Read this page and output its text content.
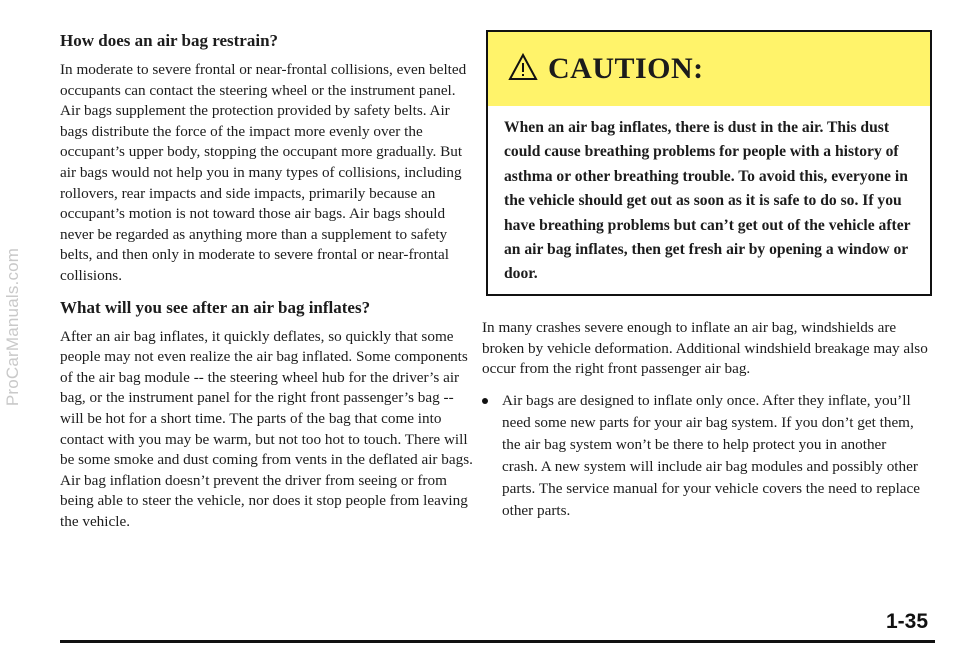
ProCarManuals.com
How does an air bag restrain?

In moderate to severe frontal or near-frontal collisions, even belted occupants can contact the steering wheel or the instrument panel. Air bags supplement the protection provided by safety belts. Air bags distribute the force of the impact more evenly over the occupant’s upper body, stopping the occupant more gradually. But air bags would not help you in many types of collisions, including rollovers, rear impacts and side impacts, primarily because an occupant’s motion is not toward those air bags. Air bags should never be regarded as anything more than a supplement to safety belts, and then only in moderate to severe frontal or near-frontal collisions.

What will you see after an air bag inflates?

After an air bag inflates, it quickly deflates, so quickly that some people may not even realize the air bag inflated. Some components of the air bag module -- the steering wheel hub for the driver’s air bag, or the instrument panel for the right front passenger’s bag -- will be hot for a short time. The parts of the bag that come into contact with you may be warm, but not too hot to touch. There will be some smoke and dust coming from vents in the deflated air bags. Air bag inflation doesn’t prevent the driver from seeing or from being able to steer the vehicle, nor does it stop people from leaving the vehicle.

CAUTION:
When an air bag inflates, there is dust in the air. This dust could cause breathing problems for people with a history of asthma or other breathing trouble. To avoid this, everyone in the vehicle should get out as soon as it is safe to do so. If you have breathing problems but can’t get out of the vehicle after an air bag inflates, then get fresh air by opening a window or door.

In many crashes severe enough to inflate an air bag, windshields are broken by vehicle deformation. Additional windshield breakage may also occur from the right front passenger air bag.

Air bags are designed to inflate only once. After they inflate, you’ll need some new parts for your air bag system. If you don’t get them, the air bag system won’t be there to help protect you in another crash. A new system will include air bag modules and possibly other parts. The service manual for your vehicle covers the need to replace other parts.
1-35
